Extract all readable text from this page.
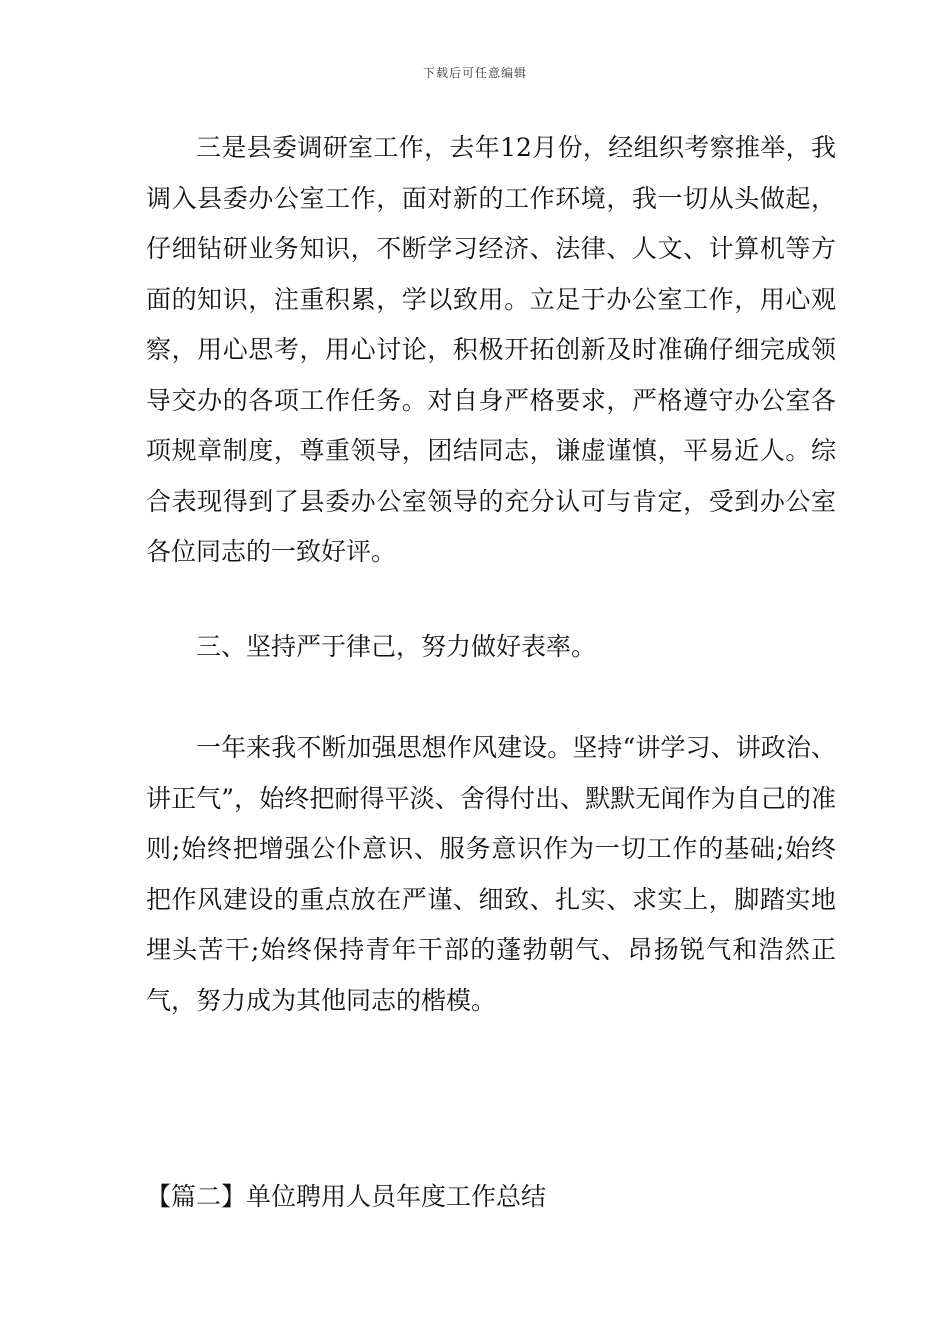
下载后可任意编辑

三是县委调研室工作，去年12月份，经组织考察推举，我调入县委办公室工作，面对新的工作环境，我一切从头做起，仔细钻研业务知识，不断学习经济、法律、人文、计算机等方面的知识，注重积累，学以致用。立足于办公室工作，用心观察，用心思考，用心讨论，积极开拓创新及时准确仔细完成领导交办的各项工作任务。对自身严格要求，严格遵守办公室各项规章制度，尊重领导，团结同志，谦虚谨慎，平易近人。综合表现得到了县委办公室领导的充分认可与肯定，受到办公室各位同志的一致好评。

三、坚持严于律己，努力做好表率。

一年来我不断加强思想作风建设。坚持“讲学习、讲政治、讲正气”，始终把耐得平淡、舍得付出、默默无闻作为自己的准则;始终把增强公仆意识、服务意识作为一切工作的基础;始终把作风建设的重点放在严谨、细致、扎实、求实上，脚踏实地埋头苦干;始终保持青年干部的蓬勃朝气、昂扬锐气和浩然正气，努力成为其他同志的楷模。

【篇二】单位聘用人员年度工作总结
